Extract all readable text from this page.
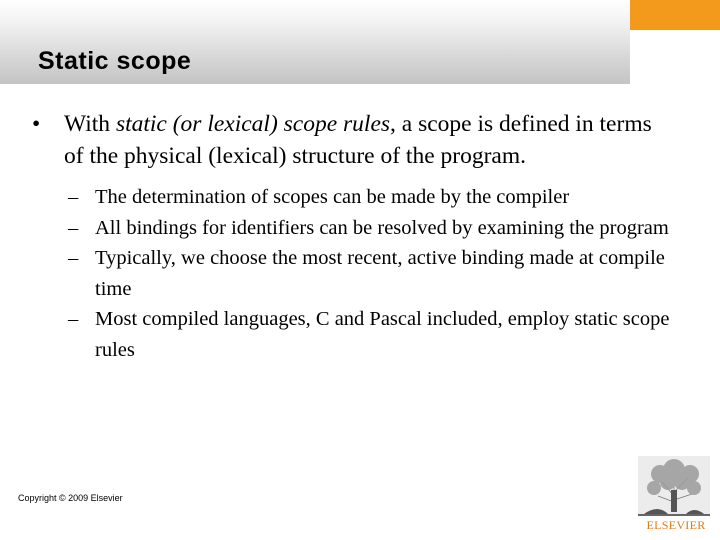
Static scope

• With static (or lexical) scope rules, a scope is defined in terms of the physical (lexical) structure of the program.

– The determination of scopes can be made by the compiler
– All bindings for identifiers can be resolved by examining the program
– Typically, we choose the most recent, active binding made at compile time
– Most compiled languages, C and Pascal included, employ static scope rules
Copyright © 2009 Elsevier
ELSEVIER
